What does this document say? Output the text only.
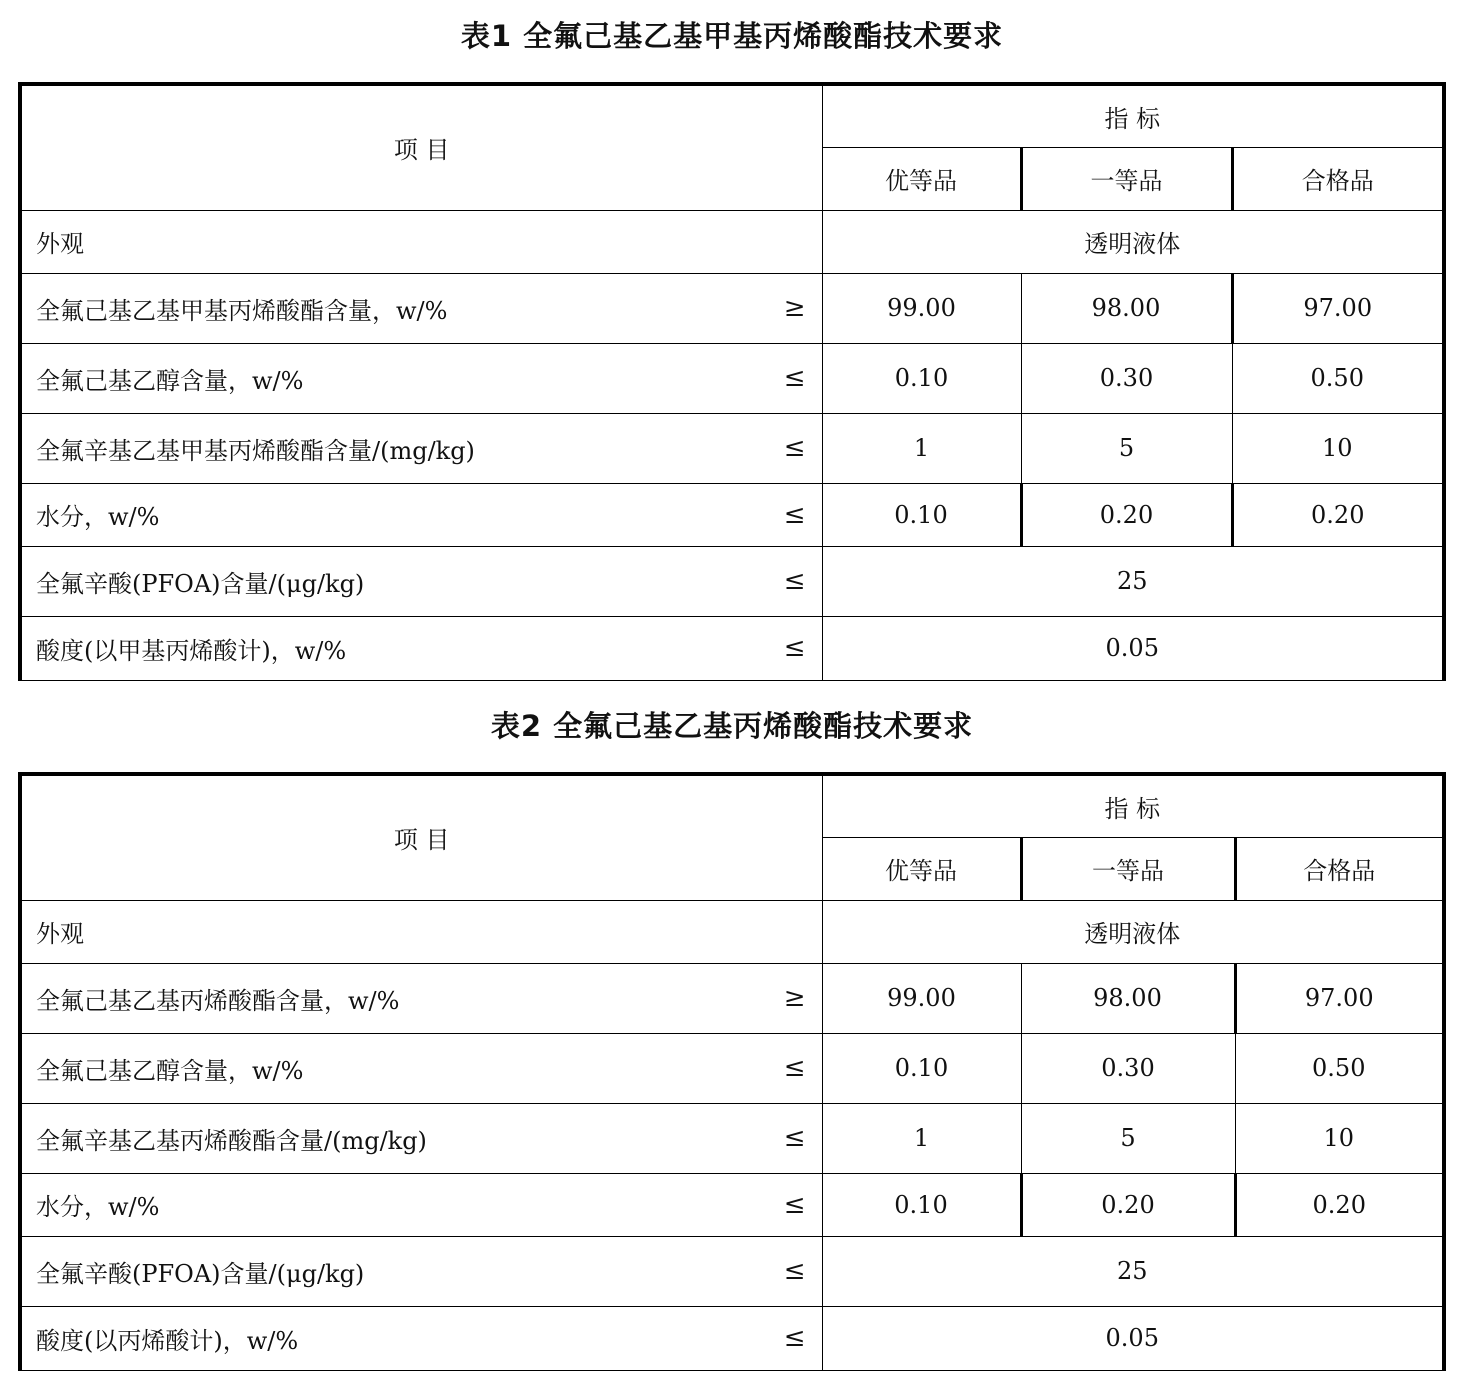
表1 全氟己基乙基甲基丙烯酸酯技术要求
项 目	指 标		
	优等品	一等品	合格品
外观	透明液体		
全氟己基乙基甲基丙烯酸酯含量，w/% ≥	99.00	98.00	97.00
全氟己基乙醇含量，w/% ≤	0.10	0.30	0.50
全氟辛基乙基甲基丙烯酸酯含量/(mg/kg) ≤	1	5	10
水分，w/% ≤	0.10	0.20	0.20
全氟辛酸(PFOA)含量/(μg/kg) ≤	25		
酸度(以甲基丙烯酸计)，w/% ≤	0.05		
表2 全氟己基乙基丙烯酸酯技术要求
项 目	指 标		
	优等品	一等品	合格品
外观	透明液体		
全氟己基乙基丙烯酸酯含量，w/% ≥	99.00	98.00	97.00
全氟己基乙醇含量，w/% ≤	0.10	0.30	0.50
全氟辛基乙基丙烯酸酯含量/(mg/kg) ≤	1	5	10
水分，w/% ≤	0.10	0.20	0.20
全氟辛酸(PFOA)含量/(μg/kg) ≤	25		
酸度(以丙烯酸计)，w/% ≤	0.05		
